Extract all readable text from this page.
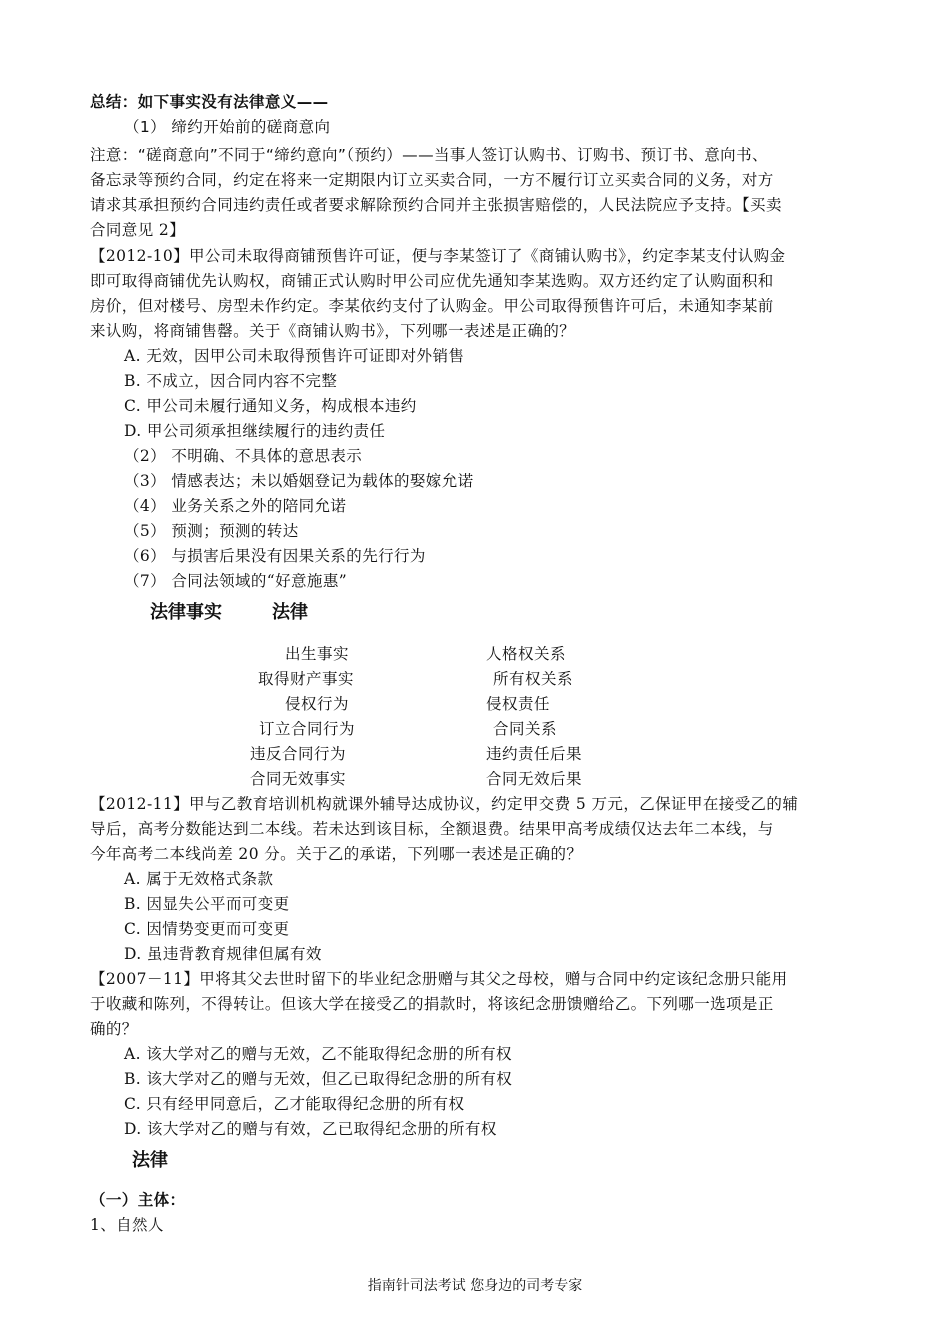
总结：如下事实没有法律意义——
（1） 缔约开始前的磋商意向
注意：“磋商意向”不同于“缔约意向”（预约）——当事人签订认购书、订购书、预订书、意向书、
备忘录等预约合同，约定在将来一定期限内订立买卖合同，一方不履行订立买卖合同的义务，对方
请求其承担预约合同违约责任或者要求解除预约合同并主张损害赔偿的，人民法院应予支持。【买卖
合同意见 2】
【2012-10】甲公司未取得商铺预售许可证，便与李某签订了《商铺认购书》，约定李某支付认购金
即可取得商铺优先认购权，商铺正式认购时甲公司应优先通知李某选购。双方还约定了认购面积和
房价，但对楼号、房型未作约定。李某依约支付了认购金。甲公司取得预售许可后，未通知李某前
来认购，将商铺售罄。关于《商铺认购书》，下列哪一表述是正确的？
A. 无效，因甲公司未取得预售许可证即对外销售
B. 不成立，因合同内容不完整
C. 甲公司未履行通知义务，构成根本违约
D. 甲公司须承担继续履行的违约责任
（2） 不明确、不具体的意思表示
（3） 情感表达；未以婚姻登记为载体的娶嫁允诺
（4） 业务关系之外的陪同允诺
（5） 预测；预测的转达
（6） 与损害后果没有因果关系的先行行为
（7） 合同法领域的“好意施惠”
法律事实	法律
出生事实	人格权关系
取得财产事实	所有权关系
侵权行为	侵权责任
订立合同行为	合同关系
违反合同行为	违约责任后果
合同无效事实	合同无效后果
【2012-11】甲与乙教育培训机构就课外辅导达成协议，约定甲交费 5 万元，乙保证甲在接受乙的辅
导后，高考分数能达到二本线。若未达到该目标，全额退费。结果甲高考成绩仅达去年二本线，与
今年高考二本线尚差 20 分。关于乙的承诺，下列哪一表述是正确的？
A. 属于无效格式条款
B. 因显失公平而可变更
C. 因情势变更而可变更
D. 虽违背教育规律但属有效
【2007－11】甲将其父去世时留下的毕业纪念册赠与其父之母校，赠与合同中约定该纪念册只能用
于收藏和陈列，不得转让。但该大学在接受乙的捐款时，将该纪念册馈赠给乙。下列哪一选项是正
确的？
A. 该大学对乙的赠与无效，乙不能取得纪念册的所有权
B. 该大学对乙的赠与无效，但乙已取得纪念册的所有权
C. 只有经甲同意后，乙才能取得纪念册的所有权
D. 该大学对乙的赠与有效，乙已取得纪念册的所有权
法律
（一）主体：
1、自然人
指南针司法考试 您身边的司考专家
